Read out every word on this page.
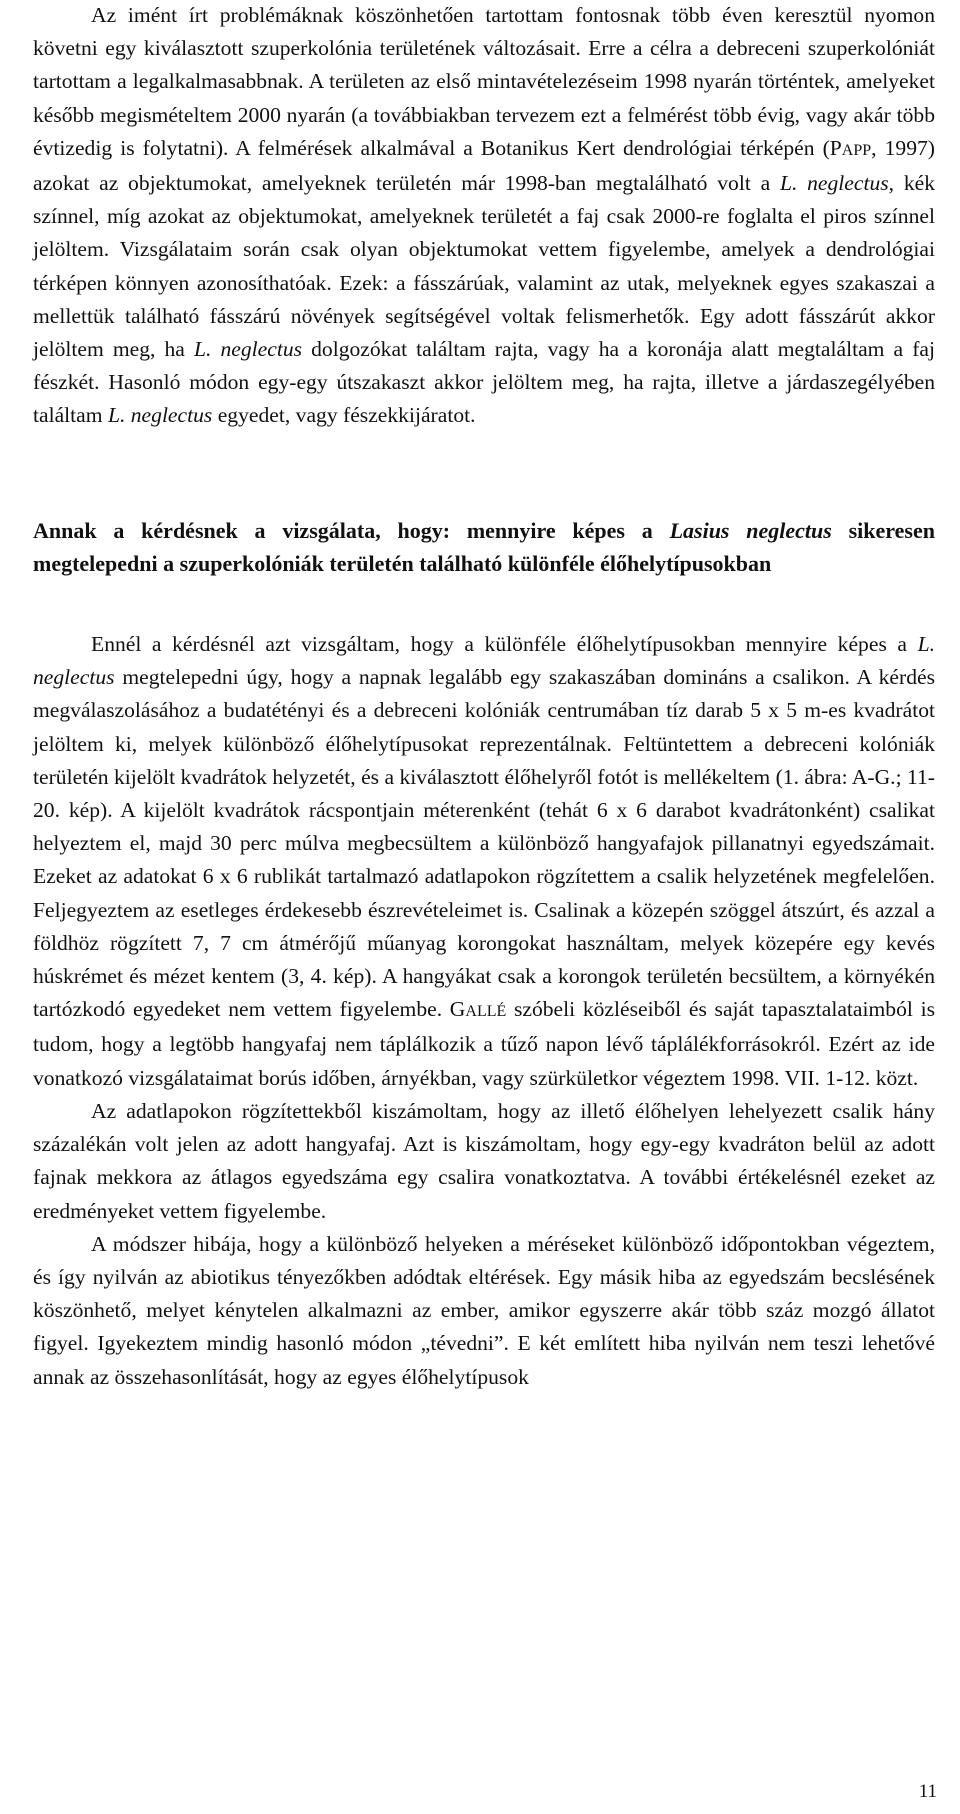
Az imént írt problémáknak köszönhetően tartottam fontosnak több éven keresztül nyomon követni egy kiválasztott szuperkolónia területének változásait. Erre a célra a debreceni szuperkolóniát tartottam a legalkalmasabbnak. A területen az első mintavételezéseim 1998 nyarán történtek, amelyeket később megismételtem 2000 nyarán (a továbbiakban tervezem ezt a felmérést több évig, vagy akár több évtizedig is folytatni). A felmérések alkalmával a Botanikus Kert dendrológiai térképén (PAPP, 1997) azokat az objektumokat, amelyeknek területén már 1998-ban megtalálható volt a L. neglectus, kék színnel, míg azokat az objektumokat, amelyeknek területét a faj csak 2000-re foglalta el piros színnel jelöltem. Vizsgálataim során csak olyan objektumokat vettem figyelembe, amelyek a dendrológiai térképen könnyen azonosíthatóak. Ezek: a fásszárúak, valamint az utak, melyeknek egyes szakaszai a mellettük található fásszárú növények segítségével voltak felismerhetők. Egy adott fásszárút akkor jelöltem meg, ha L. neglectus dolgozókat találtam rajta, vagy ha a koronája alatt megtaláltam a faj fészkét. Hasonló módon egy-egy útszakaszt akkor jelöltem meg, ha rajta, illetve a járdaszegélyében találtam L. neglectus egyedet, vagy fészekkijáratot.

Annak a kérdésnek a vizsgálata, hogy: mennyire képes a Lasius neglectus sikeresen megtelepedni a szuperkolóniák területén található különféle élőhelytípusokban

Ennél a kérdésnél azt vizsgáltam, hogy a különféle élőhelytípusokban mennyire képes a L. neglectus megtelepedni úgy, hogy a napnak legalább egy szakaszában domináns a csalikon. A kérdés megválaszolásához a budatétényi és a debreceni kolóniák centrumában tíz darab 5 x 5 m-es kvadrátot jelöltem ki, melyek különböző élőhelytípusokat reprezentálnak. Feltüntettem a debreceni kolóniák területén kijelölt kvadrátok helyzetét, és a kiválasztott élőhelyről fotót is mellékeltem (1. ábra: A-G.; 11-20. kép). A kijelölt kvadrátok rácspontjain méterenként (tehát 6 x 6 darabot kvadrátonként) csalikat helyeztem el, majd 30 perc múlva megbecsültem a különböző hangyafajok pillanatnyi egyedszámait. Ezeket az adatokat 6 x 6 rublikát tartalmazó adatlapokon rögzítettem a csalik helyzetének megfelelően. Feljegyeztem az esetleges érdekesebb észrevételeimet is. Csalinak a közepén szöggel átszúrt, és azzal a földhöz rögzített 7, 7 cm átmérőjű műanyag korongokat használtam, melyek közepére egy kevés húskrémet és mézet kentem (3, 4. kép). A hangyákat csak a korongok területén becsültem, a környékén tartózkodó egyedeket nem vettem figyelembe. GALLÉ szóbeli közléseiből és saját tapasztalataimból is tudom, hogy a legtöbb hangyafaj nem táplálkozik a tűző napon lévő táplálékforrásokról. Ezért az ide vonatkozó vizsgálataimat borús időben, árnyékban, vagy szürkületkor végeztem 1998. VII. 1-12. közt.

Az adatlapokon rögzítettekből kiszámoltam, hogy az illető élőhelyen lehelyezett csalik hány százalékán volt jelen az adott hangyafaj. Azt is kiszámoltam, hogy egy-egy kvadráton belül az adott fajnak mekkora az átlagos egyedszáma egy csalira vonatkoztatva. A további értékelésnél ezeket az eredményeket vettem figyelembe.

A módszer hibája, hogy a különböző helyeken a méréseket különböző időpontokban végeztem, és így nyilván az abiotikus tényezőkben adódtak eltérések. Egy másik hiba az egyedszám becslésének köszönhető, melyet kénytelen alkalmazni az ember, amikor egyszerre akár több száz mozgó állatot figyel. Igyekeztem mindig hasonló módon „tévedni”. E két említett hiba nyilván nem teszi lehetővé annak az összehasonlítását, hogy az egyes élőhelytípusok

11
